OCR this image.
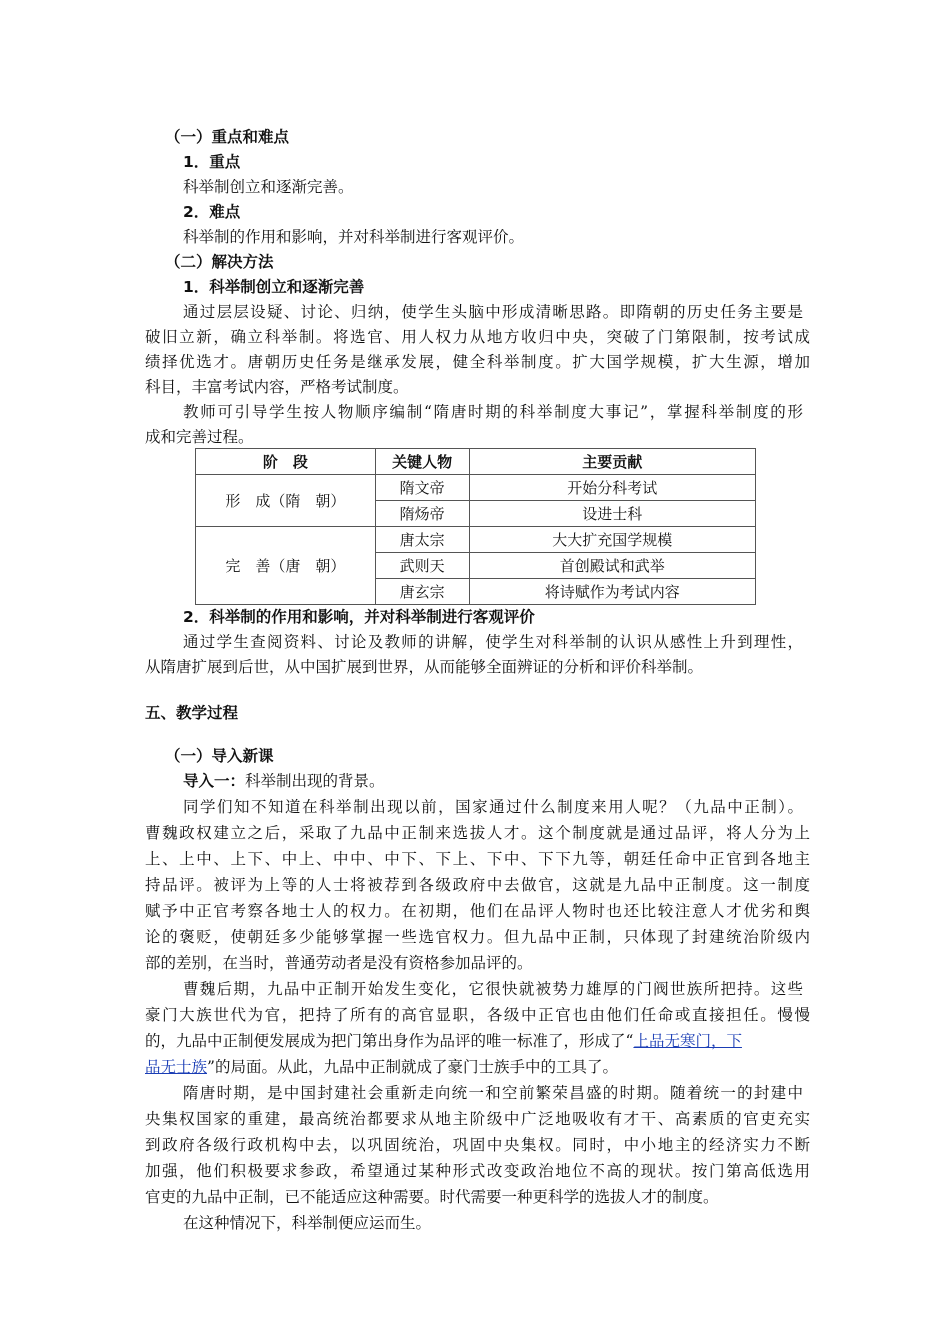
（一）重点和难点
1．重点
科举制创立和逐渐完善。
2．难点
科举制的作用和影响，并对科举制进行客观评价。
（二）解决方法
1．科举制创立和逐渐完善
通过层层设疑、讨论、归纳，使学生头脑中形成清晰思路。即隋朝的历史任务主要是
破旧立新，确立科举制。将选官、用人权力从地方收归中央，突破了门第限制，按考试成
绩择优选才。唐朝历史任务是继承发展，健全科举制度。扩大国学规模，扩大生源，增加
科目，丰富考试内容，严格考试制度。
教师可引导学生按人物顺序编制“隋唐时期的科举制度大事记”，掌握科举制度的形
成和完善过程。
阶　段	关键人物	主要贡献
形　成（隋　朝）	隋文帝	开始分科考试
	隋炀帝	设进士科
完　善（唐　朝）	唐太宗	大大扩充国学规模
	武则天	首创殿试和武举
	唐玄宗	将诗赋作为考试内容
2．科举制的作用和影响，并对科举制进行客观评价
通过学生查阅资料、讨论及教师的讲解，使学生对科举制的认识从感性上升到理性，
从隋唐扩展到后世，从中国扩展到世界，从而能够全面辨证的分析和评价科举制。
五、教学过程
（一）导入新课
导入一：科举制出现的背景。
同学们知不知道在科举制出现以前，国家通过什么制度来用人呢？（九品中正制）。
曹魏政权建立之后，采取了九品中正制来选拔人才。这个制度就是通过品评，将人分为上
上、上中、上下、中上、中中、中下、下上、下中、下下九等，朝廷任命中正官到各地主
持品评。被评为上等的人士将被荐到各级政府中去做官，这就是九品中正制度。这一制度
赋予中正官考察各地士人的权力。在初期，他们在品评人物时也还比较注意人才优劣和舆
论的褒贬，使朝廷多少能够掌握一些选官权力。但九品中正制，只体现了封建统治阶级内
部的差别，在当时，普通劳动者是没有资格参加品评的。
曹魏后期，九品中正制开始发生变化，它很快就被势力雄厚的门阀世族所把持。这些
豪门大族世代为官，把持了所有的高官显职，各级中正官也由他们任命或直接担任。慢慢
的，九品中正制便发展成为把门第出身作为品评的唯一标准了，形成了“上品无寒门，下
品无士族”的局面。从此，九品中正制就成了豪门士族手中的工具了。
隋唐时期，是中国封建社会重新走向统一和空前繁荣昌盛的时期。随着统一的封建中
央集权国家的重建，最高统治都要求从地主阶级中广泛地吸收有才干、高素质的官吏充实
到政府各级行政机构中去，以巩固统治，巩固中央集权。同时，中小地主的经济实力不断
加强，他们积极要求参政，希望通过某种形式改变政治地位不高的现状。按门第高低选用
官吏的九品中正制，已不能适应这种需要。时代需要一种更科学的选拔人才的制度。
在这种情况下，科举制便应运而生。
